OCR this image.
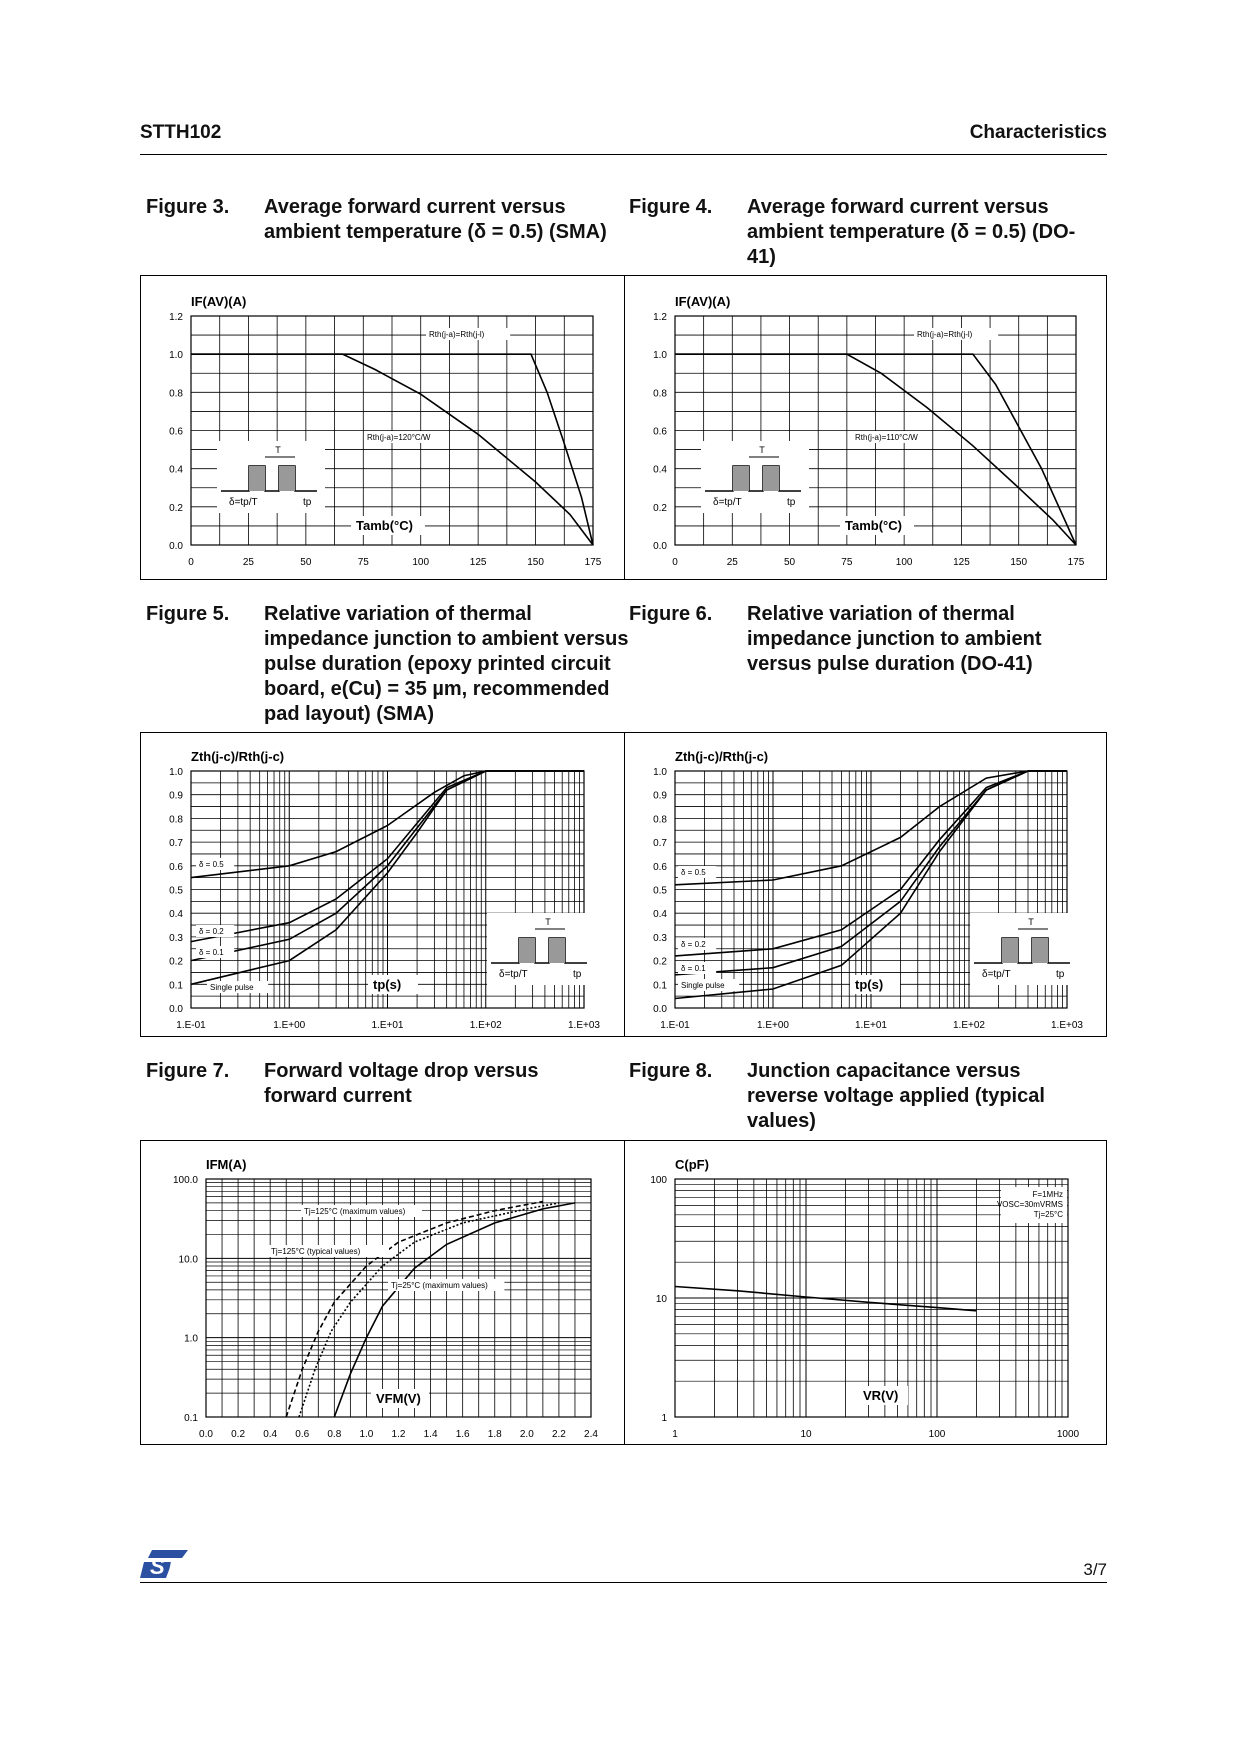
STTH102	Characteristics
Figure 3. Average forward current versus ambient temperature (δ = 0.5) (SMA)
Figure 4. Average forward current versus ambient temperature (δ = 0.5) (DO-41)
0	25	50	75	100	125	150	175
0.0
0.2
0.4
0.6
0.8
1.0
1.2
IF(AV)(A)
Tamb(°C)
Rth(j-a)=Rth(j-l)
Rth(j-a)=120°C/W
T
δ=tp/T	tp
0	25	50	75	100	125	150	175
0.0
0.2
0.4
0.6
0.8
1.0
1.2
IF(AV)(A)
Tamb(°C)
Rth(j-a)=Rth(j-l)
Rth(j-a)=110°C/W
T
δ=tp/T	tp
Figure 5. Relative variation of thermal impedance junction to ambient versus pulse duration (epoxy printed circuit board, e(Cu) = 35 µm, recommended pad layout) (SMA)
Figure 6. Relative variation of thermal impedance junction to ambient versus pulse duration (DO-41)
1.E-01	1.E+00	1.E+01	1.E+02	1.E+03
0.0
0.1
0.2
0.3
0.4
0.5
0.6
0.7
0.8
0.9
1.0
Zth(j-c)/Rth(j-c)
tp(s)
δ = 0.5
δ = 0.2
δ = 0.1
Single pulse
T
δ=tp/T	tp
1.E-01	1.E+00	1.E+01	1.E+02	1.E+03
0.0
0.1
0.2
0.3
0.4
0.5
0.6
0.7
0.8
0.9
1.0
Zth(j-c)/Rth(j-c)
tp(s)
δ = 0.5
δ = 0.2
δ = 0.1
Single pulse
T
δ=tp/T	tp
Figure 7. Forward voltage drop versus forward current
Figure 8. Junction capacitance versus reverse voltage applied (typical values)
0.0 0.2 0.4 0.6 0.8 1.0 1.2 1.4 1.6 1.8 2.0 2.2 2.4
0.1
1.0
10.0
100.0
IFM(A)
VFM(V)
Tj=125°C (maximum values)
Tj=125°C (typical values)
Tj=25°C (maximum values)
1	10	100	1000
1
10
100
C(pF)
VR(V)
F=1MHz
VOSC=30mVRMS
Tj=25°C
ST	3/7
